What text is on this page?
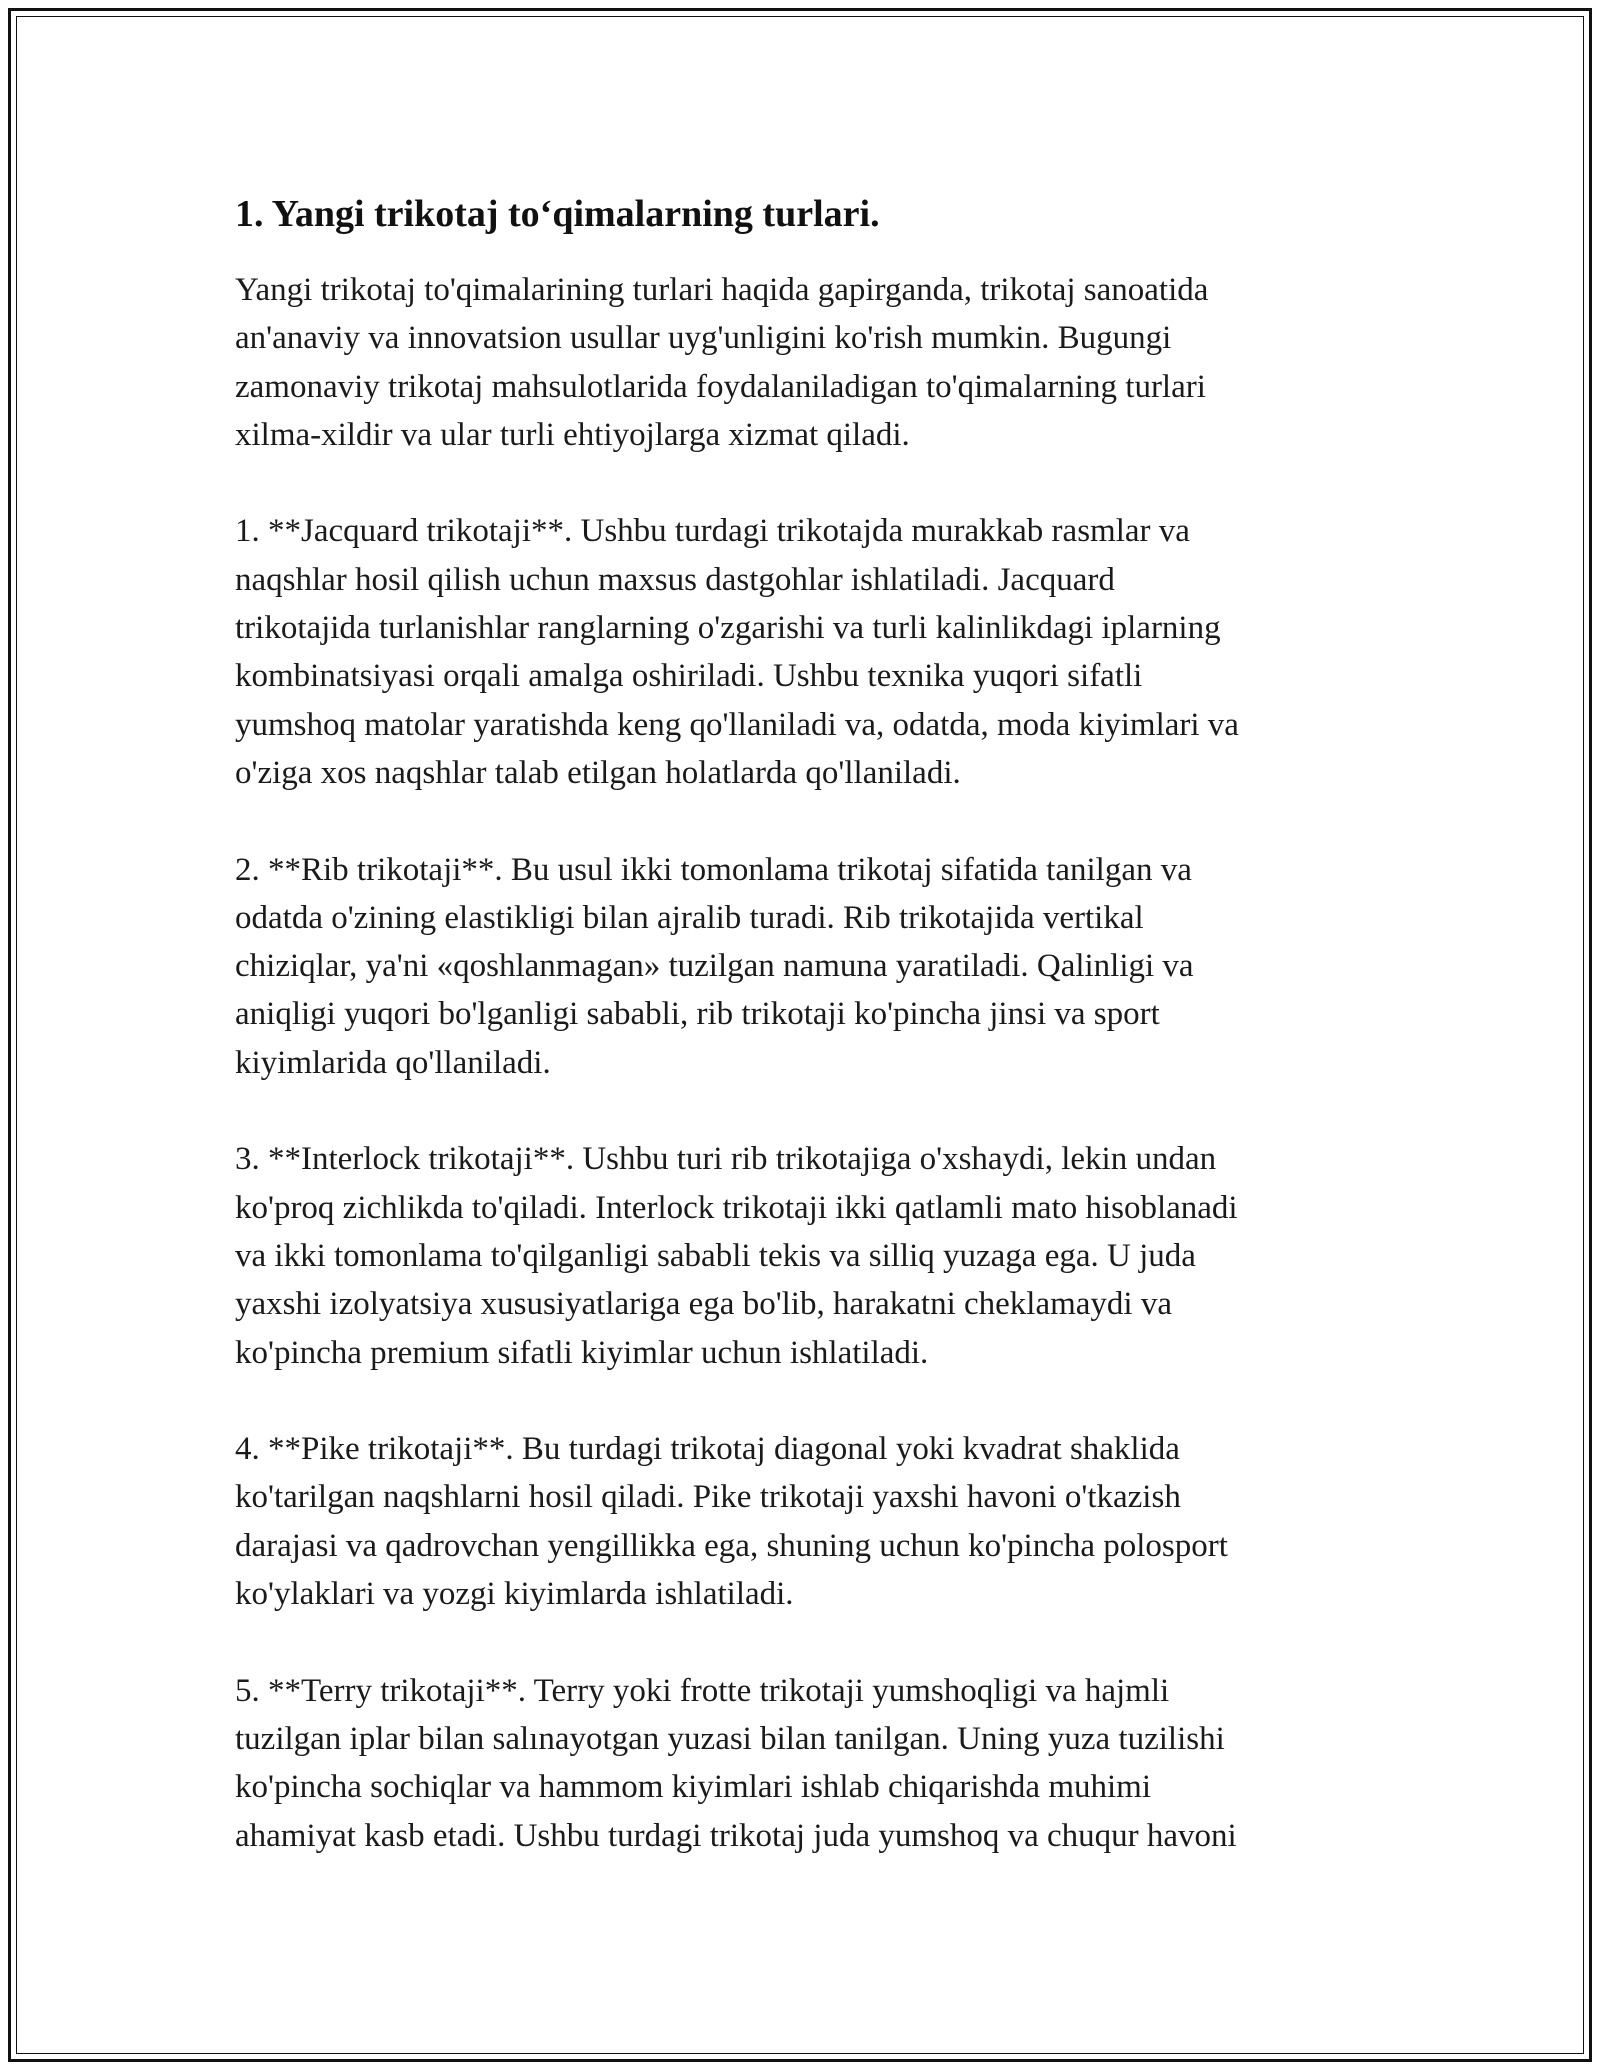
1. Yangi trikotaj to‘qimalarning turlari.

Yangi trikotaj to'qimalarining turlari haqida gapirganda, trikotaj sanoatida
an'anaviy va innovatsion usullar uyg'unligini ko'rish mumkin. Bugungi
zamonaviy trikotaj mahsulotlarida foydalaniladigan to'qimalarning turlari
xilma-xildir va ular turli ehtiyojlarga xizmat qiladi.

1. **Jacquard trikotaji**. Ushbu turdagi trikotajda murakkab rasmlar va
naqshlar hosil qilish uchun maxsus dastgohlar ishlatiladi. Jacquard
trikotajida turlanishlar ranglarning o'zgarishi va turli kalinlikdagi iplarning
kombinatsiyasi orqali amalga oshiriladi. Ushbu texnika yuqori sifatli
yumshoq matolar yaratishda keng qo'llaniladi va, odatda, moda kiyimlari va
o'ziga xos naqshlar talab etilgan holatlarda qo'llaniladi.

2. **Rib trikotaji**. Bu usul ikki tomonlama trikotaj sifatida tanilgan va
odatda o'zining elastikligi bilan ajralib turadi. Rib trikotajida vertikal
chiziqlar, ya'ni «qoshlanmagan» tuzilgan namuna yaratiladi. Qalinligi va
aniqligi yuqori bo'lganligi sababli, rib trikotaji ko'pincha jinsi va sport
kiyimlarida qo'llaniladi.

3. **Interlock trikotaji**. Ushbu turi rib trikotajiga o'xshaydi, lekin undan
ko'proq zichlikda to'qiladi. Interlock trikotaji ikki qatlamli mato hisoblanadi
va ikki tomonlama to'qilganligi sababli tekis va silliq yuzaga ega. U juda
yaxshi izolyatsiya xususiyatlariga ega bo'lib, harakatni cheklamaydi va
ko'pincha premium sifatli kiyimlar uchun ishlatiladi.

4. **Pike trikotaji**. Bu turdagi trikotaj diagonal yoki kvadrat shaklida
ko'tarilgan naqshlarni hosil qiladi. Pike trikotaji yaxshi havoni o'tkazish
darajasi va qadrovchan yengillikka ega, shuning uchun ko'pincha polosport
ko'ylaklari va yozgi kiyimlarda ishlatiladi.

5. **Terry trikotaji**. Terry yoki frotte trikotaji yumshoqligi va hajmli
tuzilgan iplar bilan salınayotgan yuzasi bilan tanilgan. Uning yuza tuzilishi
ko'pincha sochiqlar va hammom kiyimlari ishlab chiqarishda muhimi
ahamiyat kasb etadi. Ushbu turdagi trikotaj juda yumshoq va chuqur havoni
